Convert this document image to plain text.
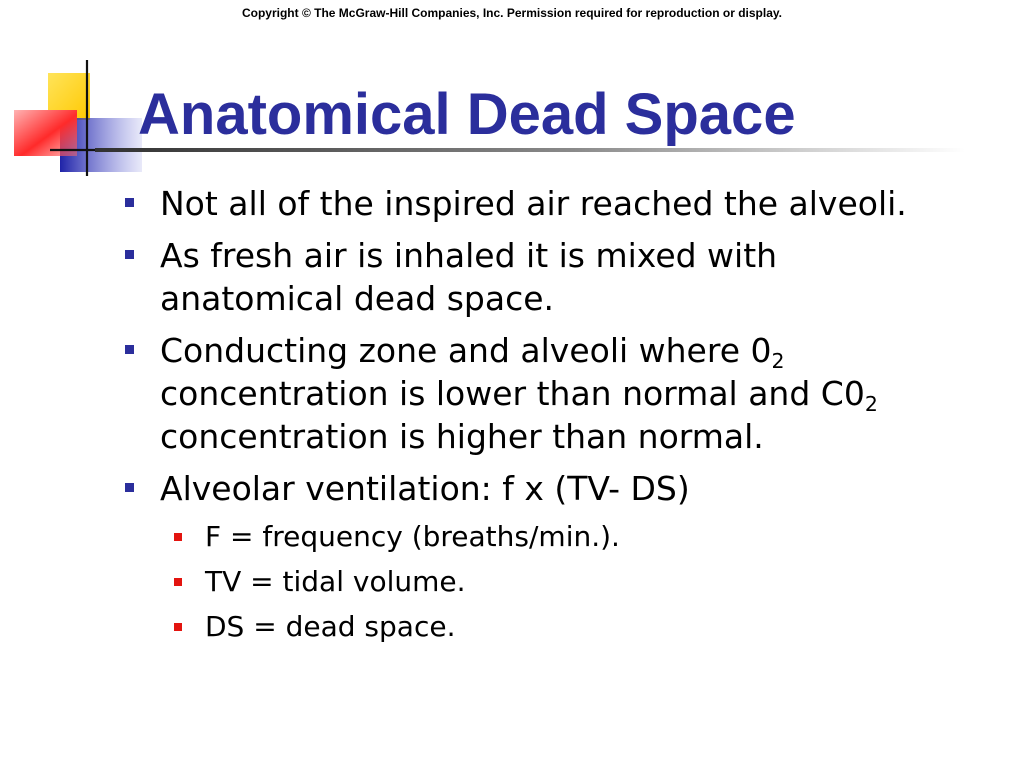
Copyright © The McGraw-Hill Companies, Inc. Permission required for reproduction or display.
Anatomical Dead Space
Not all of the inspired air reached the alveoli.
As fresh air is inhaled it is mixed with
anatomical dead space.
Conducting zone and alveoli where $0_2$
concentration is lower than normal and $C0_2$
concentration is higher than normal.
Alveolar ventilation: f x (TV- DS)
F = frequency (breaths/min.).
TV = tidal volume.
DS = dead space.
